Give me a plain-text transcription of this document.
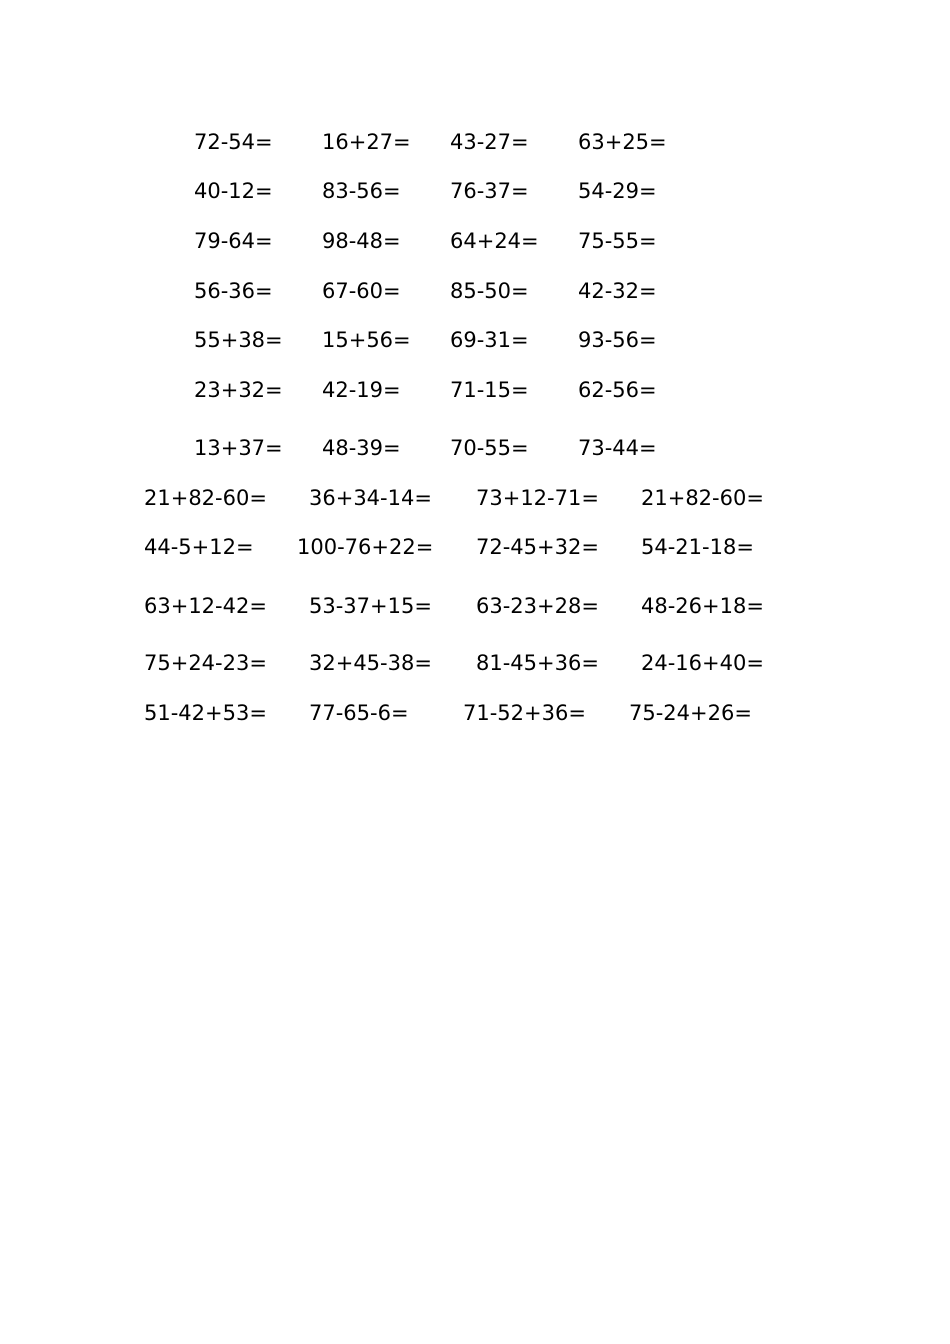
72-54= 16+27= 43-27= 63+25=
40-12= 83-56= 76-37= 54-29=
79-64= 98-48= 64+24= 75-55=
56-36= 67-60= 85-50= 42-32=
55+38= 15+56= 69-31= 93-56=
23+32= 42-19= 71-15= 62-56=
13+37= 48-39= 70-55= 73-44=
21+82-60= 36+34-14= 73+12-71= 21+82-60=
44-5+12= 100-76+22= 72-45+32= 54-21-18=
63+12-42= 53-37+15= 63-23+28= 48-26+18=
75+24-23= 32+45-38= 81-45+36= 24-16+40=
51-42+53= 77-65-6=	71-52+36= 75-24+26=
